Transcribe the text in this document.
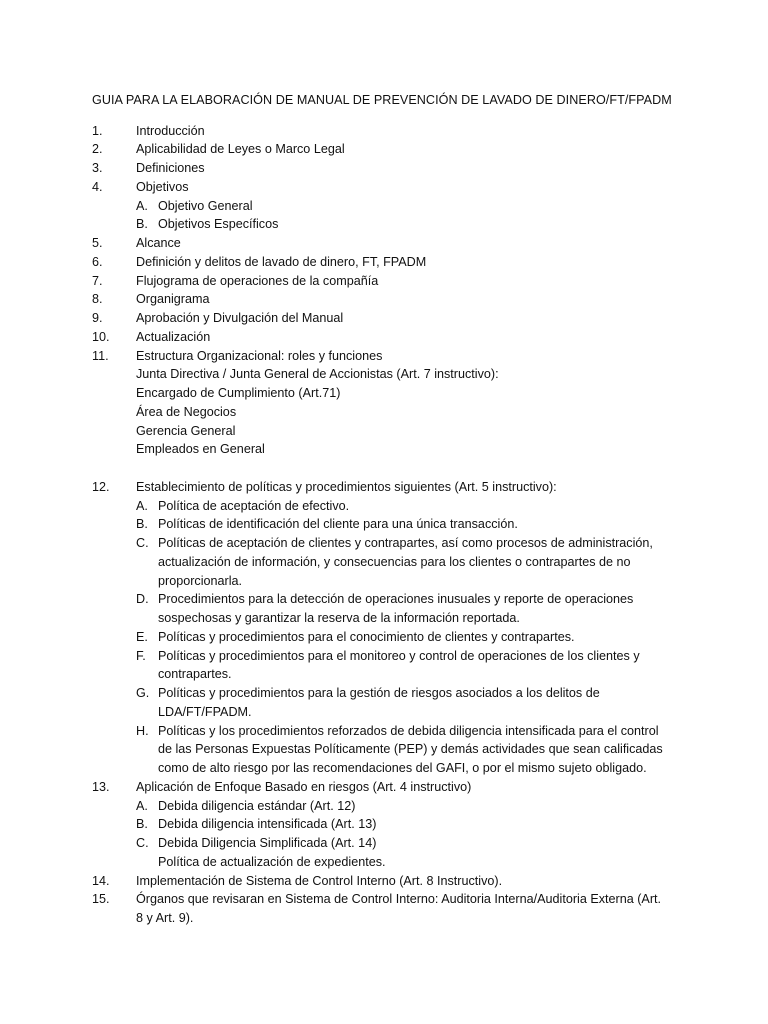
GUIA PARA LA ELABORACIÓN DE MANUAL DE PREVENCIÓN DE LAVADO DE DINERO/FT/FPADM
1.	Introducción
2.	Aplicabilidad de Leyes o Marco Legal
3.	Definiciones
4.	Objetivos
A. Objetivo General
B. Objetivos Específicos
5.	Alcance
6.	Definición y delitos de lavado de dinero, FT, FPADM
7.	Flujograma de operaciones de la compañía
8.	Organigrama
9.	Aprobación y Divulgación del Manual
10.	Actualización
11.	Estructura Organizacional: roles y funciones
Junta Directiva / Junta General de Accionistas (Art. 7 instructivo):
Encargado de Cumplimiento (Art.71)
Área de Negocios
Gerencia General
Empleados en General
12.	Establecimiento de políticas y procedimientos siguientes (Art. 5 instructivo):
A. Política de aceptación de efectivo.
B. Políticas de identificación del cliente para una única transacción.
C. Políticas de aceptación de clientes y contrapartes, así como procesos de administración,
actualización de información, y consecuencias para los clientes o contrapartes de no
proporcionarla.
D. Procedimientos para la detección de operaciones inusuales y reporte de operaciones
sospechosas y garantizar la reserva de la información reportada.
E. Políticas y procedimientos para el conocimiento de clientes y contrapartes.
F. Políticas y procedimientos para el monitoreo y control de operaciones de los clientes y
contrapartes.
G. Políticas y procedimientos para la gestión de riesgos asociados a los delitos de
LDA/FT/FPADM.
H. Políticas y los procedimientos reforzados de debida diligencia intensificada para el control
de las Personas Expuestas Políticamente (PEP) y demás actividades que sean calificadas
como de alto riesgo por las recomendaciones del GAFI, o por el mismo sujeto obligado.
13.	Aplicación de Enfoque Basado en riesgos (Art. 4 instructivo)
A. Debida diligencia estándar (Art. 12)
B. Debida diligencia intensificada (Art. 13)
C. Debida Diligencia Simplificada (Art. 14)
Política de actualización de expedientes.
14.	Implementación de Sistema de Control Interno (Art. 8 Instructivo).
15.	Órganos que revisaran en Sistema de Control Interno: Auditoria Interna/Auditoria Externa (Art.
8 y Art. 9).
